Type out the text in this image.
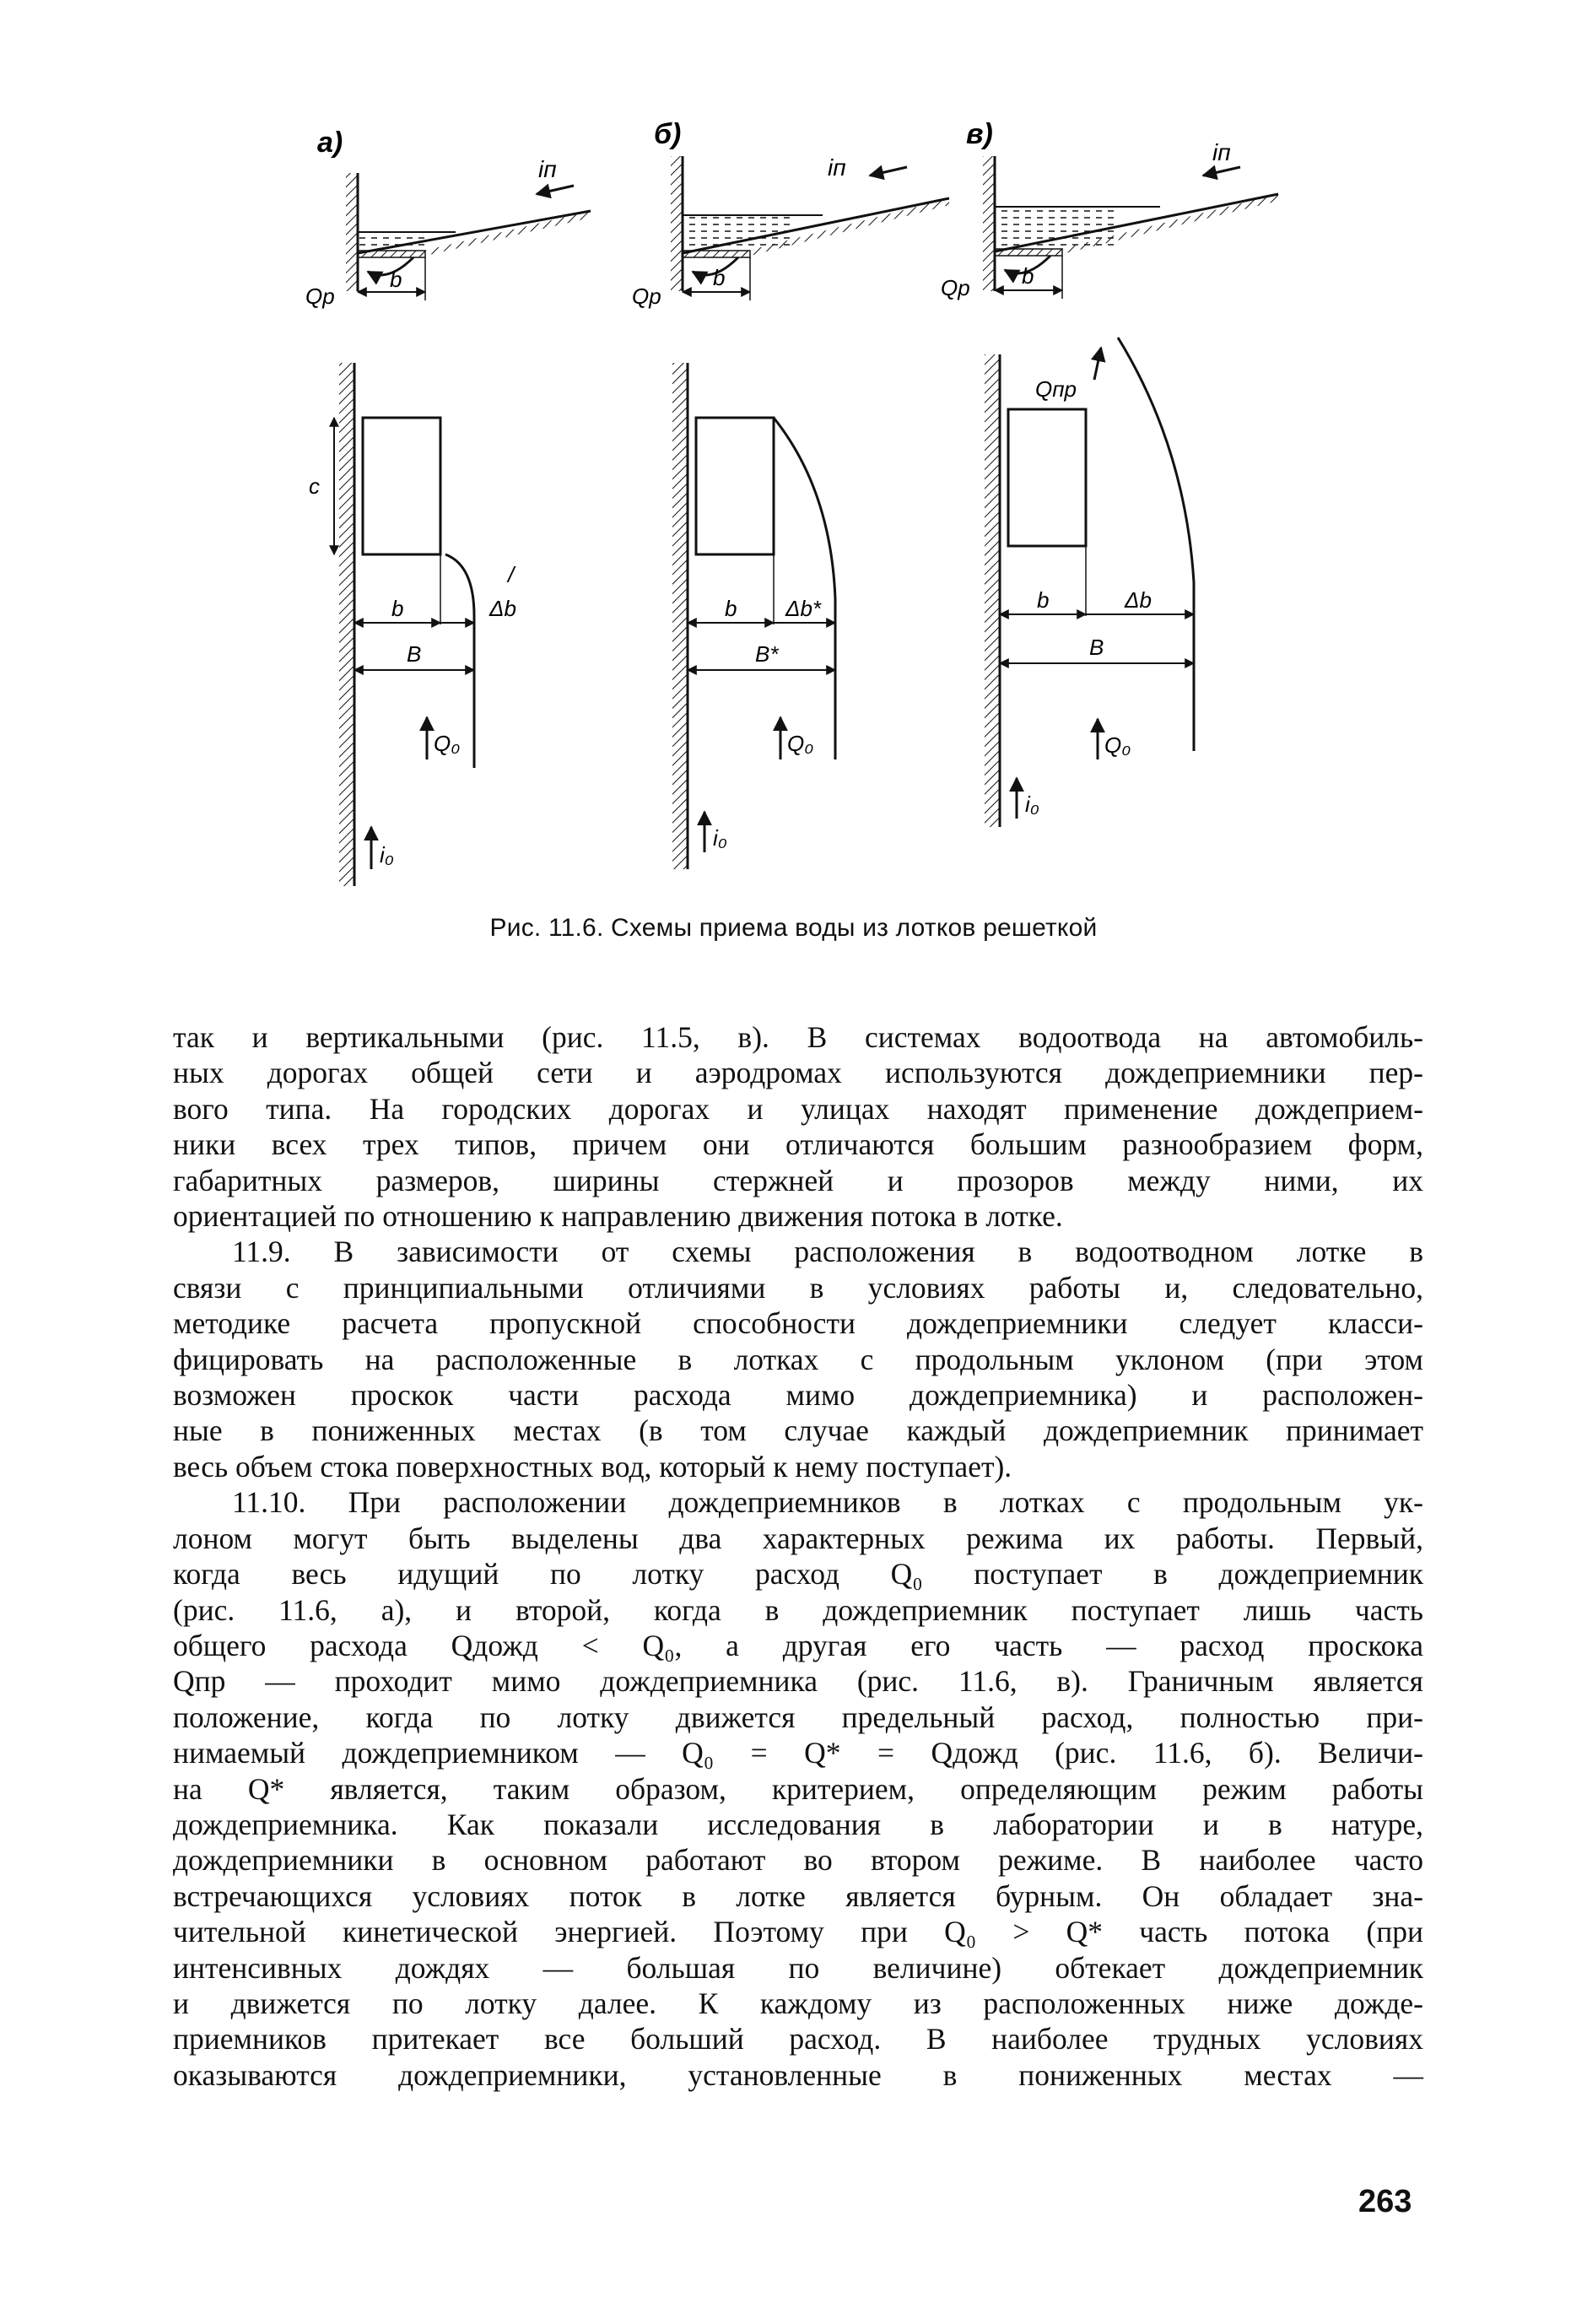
а)
iп
b
Qр
c
/
b	Δb
B
Q₀
i₀
б)
iп
b
Qр
b Δb*
B*
Q₀
i₀
в)
iп
b
Qр
Qпр
b	Δb
B
Q₀
i₀
Рис. 11.6. Схемы приема воды из лотков решеткой
так и вертикальными (рис. 11.5, в). В системах водоотвода на автомобиль-
ных дорогах общей сети и аэродромах используются дождеприемники пер-
вого типа. На городских дорогах и улицах находят применение дождеприем-
ники всех трех типов, причем они отличаются большим разнообразием форм,
габаритных размеров, ширины стержней и прозоров между ними, их
ориентацией по отношению к направлению движения потока в лотке.
11.9. В зависимости от схемы расположения в водоотводном лотке в
связи с принципиальными отличиями в условиях работы и, следовательно,
методике расчета пропускной способности дождеприемники следует класси-
фицировать на расположенные в лотках с продольным уклоном (при этом
возможен проскок части расхода мимо дождеприемника) и расположен-
ные в пониженных местах (в том случае каждый дождеприемник принимает
весь объем стока поверхностных вод, который к нему поступает).
11.10. При расположении дождеприемников в лотках с продольным ук-
лоном могут быть выделены два характерных режима их работы. Первый,
когда весь идущий по лотку расход Q₀ поступает в дождеприемник
(рис. 11.6, а), и второй, когда в дождеприемник поступает лишь часть
общего расхода Qдожд < Q₀, а другая его часть — расход проскока
Qпр — проходит мимо дождеприемника (рис. 11.6, в). Граничным является
положение, когда по лотку движется предельный расход, полностью при-
нимаемый дождеприемником — Q₀ = Q* = Qдожд (рис. 11.6, б). Величи-
на Q* является, таким образом, критерием, определяющим режим работы
дождеприемника. Как показали исследования в лаборатории и в натуре,
дождеприемники в основном работают во втором режиме. В наиболее часто
встречающихся условиях поток в лотке является бурным. Он обладает зна-
чительной кинетической энергией. Поэтому при Q₀ > Q* часть потока (при
интенсивных дождях — большая по величине) обтекает дождеприемник
и движется по лотку далее. К каждому из расположенных ниже дожде-
приемников притекает все больший расход. В наиболее трудных условиях
оказываются дождеприемники, установленные в пониженных местах —
263
